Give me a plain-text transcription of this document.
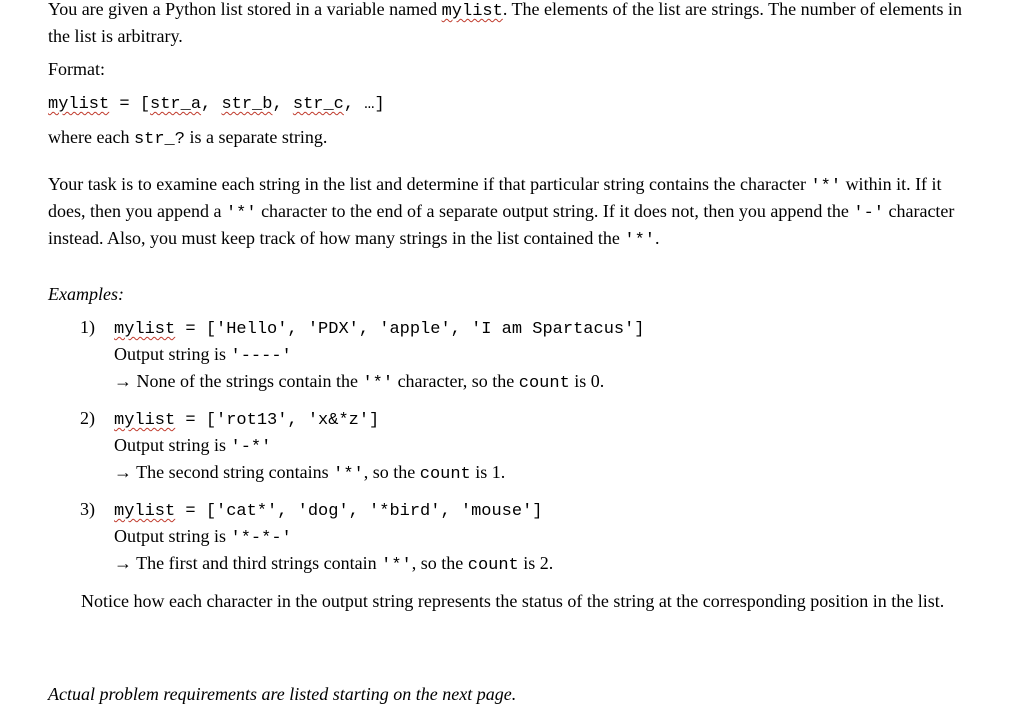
You are given a Python list stored in a variable named mylist. The elements of the list are strings. The number of elements in the list is arbitrary.

Format:

mylist = [str_a, str_b, str_c, …]

where each str_? is a separate string.

Your task is to examine each string in the list and determine if that particular string contains the character '*' within it. If it does, then you append a '*' character to the end of a separate output string. If it does not, then you append the '-' character instead. Also, you must keep track of how many strings in the list contained the '*'.

Examples:

1) mylist = ['Hello', 'PDX', 'apple', 'I am Spartacus']
Output string is '----'
→ None of the strings contain the '*' character, so the count is 0.
2) mylist = ['rot13', 'x&*z']
Output string is '-*'
→ The second string contains '*', so the count is 1.
3) mylist = ['cat*', 'dog', '*bird', 'mouse']
Output string is '*-*-'
→ The first and third strings contain '*', so the count is 2.

Notice how each character in the output string represents the status of the string at the corresponding position in the list.

Actual problem requirements are listed starting on the next page.
